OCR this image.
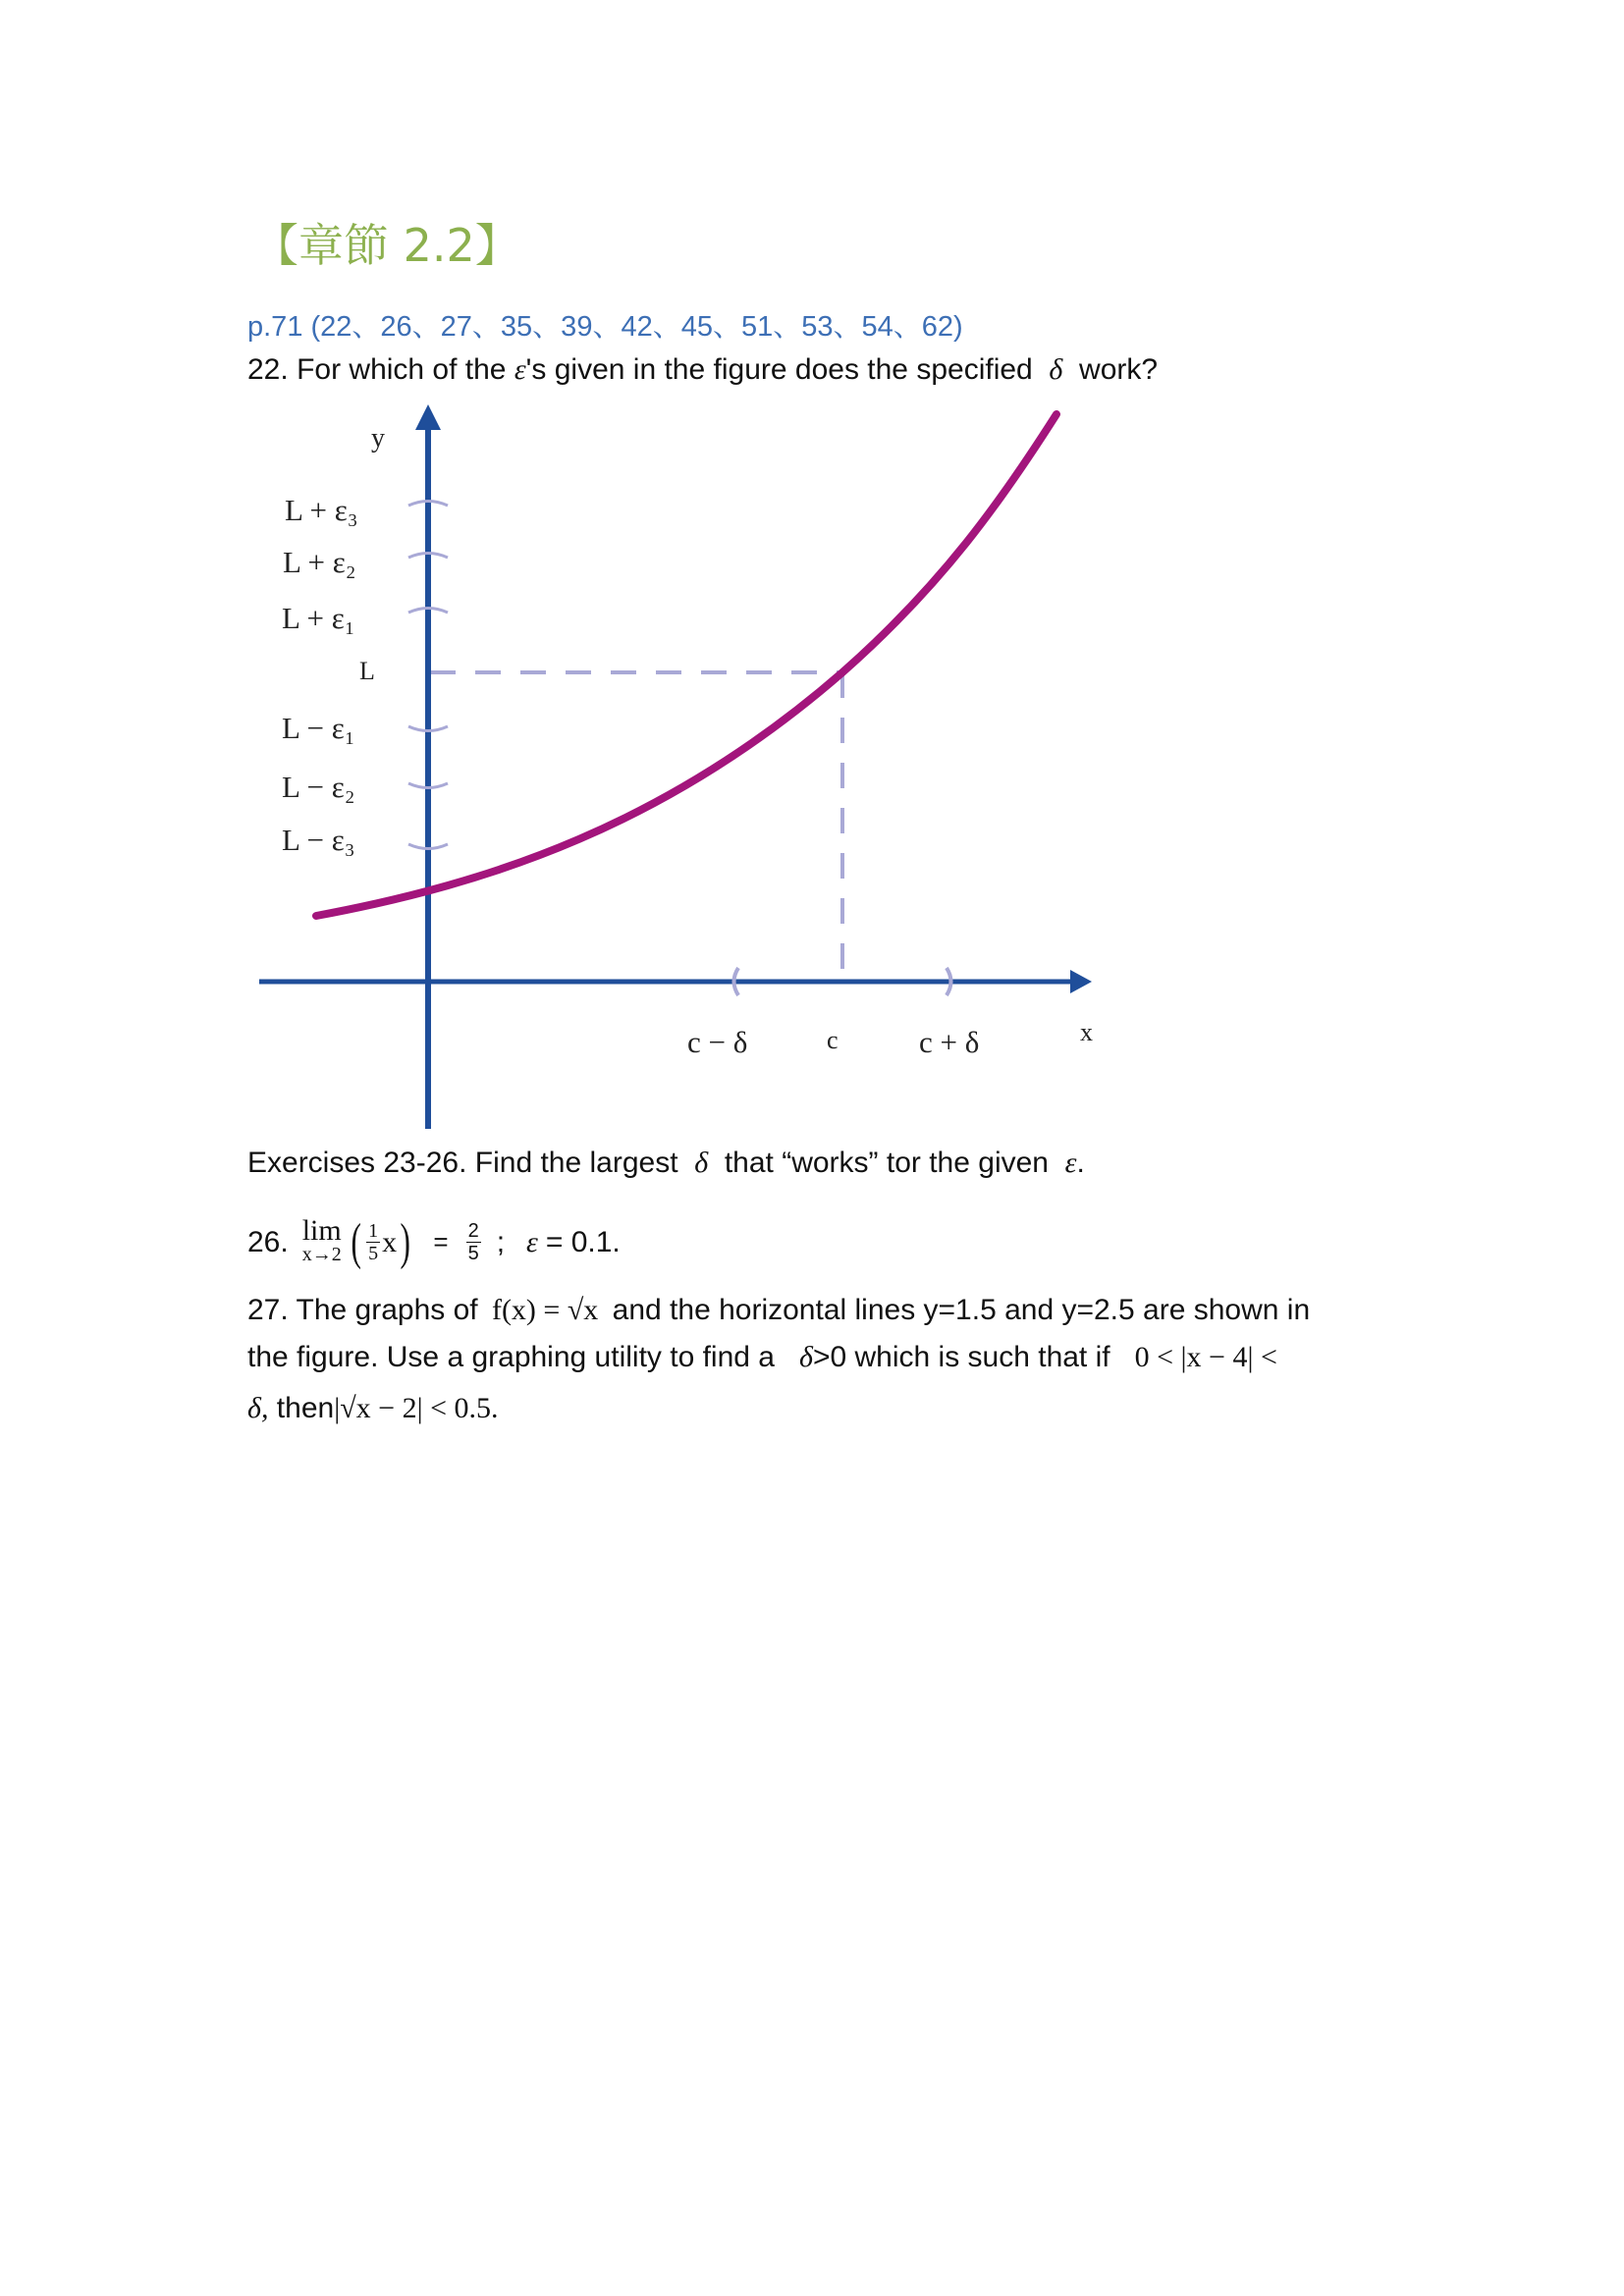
【章節 2.2】
p.71 (22、26、27、35、39、42、45、51、53、54、62)
22. For which of the ε's given in the figure does the specified δ work?
y
x
L + ε₃
L + ε₂
L + ε₁
L
L − ε₁
L − ε₂
L − ε₃
c − δ	c	c + δ
Exercises 23-26. Find the largest δ that “works” tor the given ε.
26. lim
x→2 ( $\frac{1}{5}$ x ) = $\frac{2}{5}$ ; ε = 0.1.
27. The graphs of f(x) = √x and the horizontal lines y=1.5 and y=2.5 are shown in
the figure. Use a graphing utility to find a δ>0 which is such that if 0 < |x − 4| <
δ, then|√x − 2| < 0.5.
